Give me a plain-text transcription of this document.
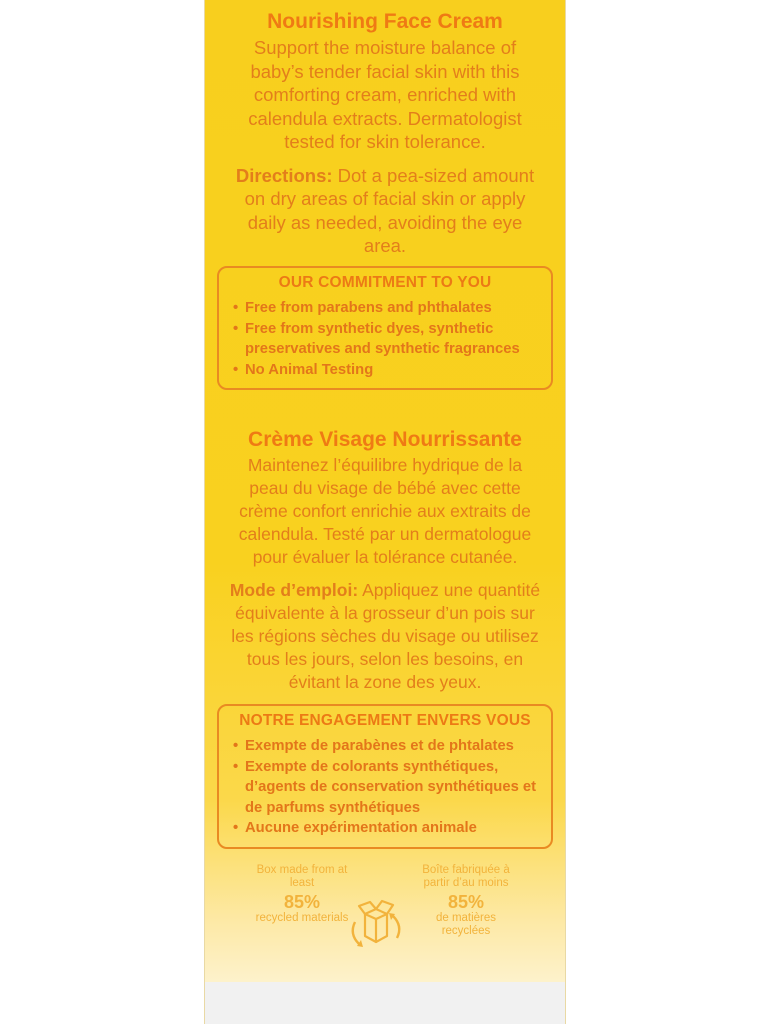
Nourishing Face Cream

Support the moisture balance of baby’s tender facial skin with this comforting cream, enriched with calendula extracts. Dermatologist tested for skin tolerance.

Directions: Dot a pea-sized amount on dry areas of facial skin or apply daily as needed, avoiding the eye area.

OUR COMMITMENT TO YOU
• Free from parabens and phthalates
• Free from synthetic dyes, synthetic preservatives and synthetic fragrances
• No Animal Testing
Crème Visage Nourrissante

Maintenez l’équilibre hydrique de la peau du visage de bébé avec cette crème confort enrichie aux extraits de calendula. Testé par un dermatologue pour évaluer la tolérance cutanée.

Mode d’emploi: Appliquez une quantité équivalente à la grosseur d’un pois sur les régions sèches du visage ou utilisez tous les jours, selon les besoins, en évitant la zone des yeux.

NOTRE ENGAGEMENT ENVERS VOUS
• Exempte de parabènes et de phtalates
• Exempte de colorants synthétiques, d’agents de conservation synthétiques et de parfums synthétiques
• Aucune expérimentation animale
Box made from at least
85%
recycled materials
Boîte fabriquée à partir d’au moins
85%
de matières recyclées
